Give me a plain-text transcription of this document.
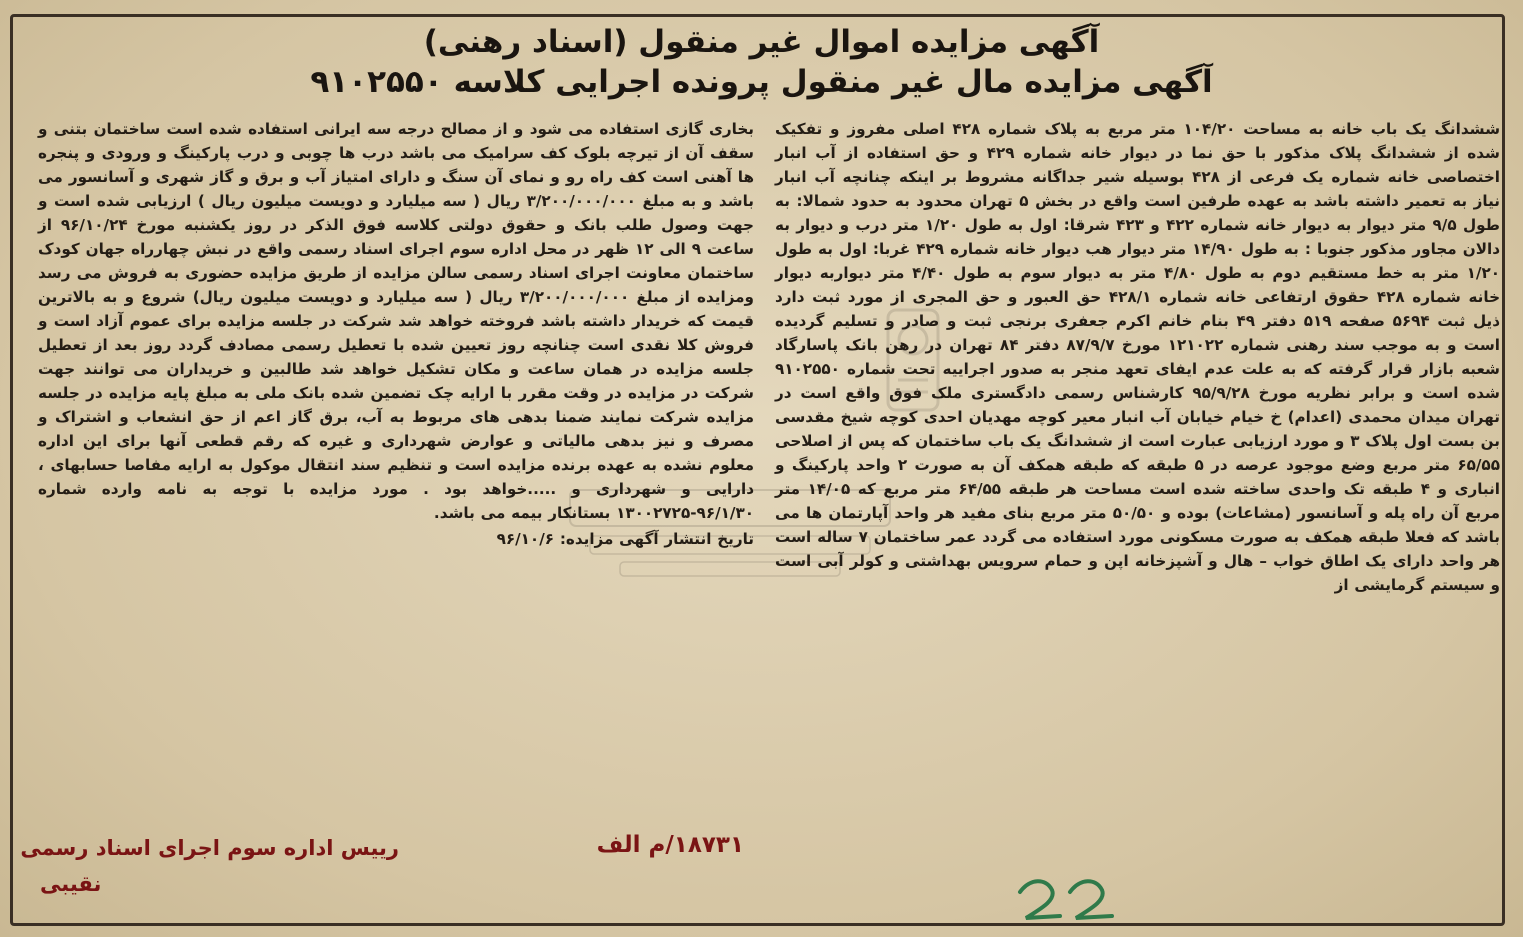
آگهی مزایده اموال غیر منقول (اسناد رهنی)
آگهی مزایده مال غیر منقول پرونده اجرایی کلاسه ۹۱۰۲۵۵۰

ششدانگ یک باب خانه به مساحت ۱۰۴/۲۰ متر مربع به پلاک شماره ۴۲۸ اصلی مفروز و تفکیک شده از ششدانگ پلاک مذکور با حق نما در دیوار خانه شماره ۴۲۹ و حق استفاده از آب انبار اختصاصی خانه شماره یک فرعی از ۴۲۸ بوسیله شیر جداگانه مشروط بر اینکه چنانچه آب انبار نیاز به تعمیر داشته باشد به عهده طرفین است واقع در بخش ۵ تهران محدود به حدود شمالا: به طول ۹/۵ متر دیوار به دیوار خانه شماره ۴۲۲ و ۴۲۳ شرقا: اول به طول ۱/۲۰ متر درب و دیوار به دالان مجاور مذکور جنوبا : به طول ۱۴/۹۰ متر دیوار هب دیوار خانه شماره ۴۲۹ غربا: اول به طول ۱/۲۰ متر به خط مستقیم دوم به طول ۴/۸۰ متر به دیوار سوم به طول ۴/۴۰ متر دیواربه دیوار خانه شماره ۴۲۸ حقوق ارتفاعی خانه شماره ۴۲۸/۱ حق العبور و حق المجری از مورد ثبت دارد ذیل ثبت ۵۶۹۴ صفحه ۵۱۹ دفتر ۴۹ بنام خانم اکرم جعفری برنجی ثبت و صادر و تسلیم گردیده است و به موجب سند رهنی شماره ۱۲۱۰۲۲ مورخ ۸۷/۹/۷ دفتر ۸۴ تهران در رهن بانک پاسارگاد شعبه بازار قرار گرفته که به علت عدم ایفای تعهد منجر به صدور اجراییه تحت شماره ۹۱۰۲۵۵۰ شده است و برابر نظریه مورخ ۹۵/۹/۲۸ کارشناس رسمی دادگستری ملک فوق واقع است در تهران میدان محمدی (اعدام) خ خیام خیابان آب انبار معیر کوچه مهدیان احدی کوچه شیخ مقدسی بن بست اول پلاک ۳ و مورد ارزیابی عبارت است از ششدانگ یک باب ساختمان که پس از اصلاحی ۶۵/۵۵ متر مربع وضع موجود عرصه در ۵ طبقه که طبقه همکف آن به صورت ۲ واحد پارکینگ و انباری و ۴ طبقه تک واحدی ساخته شده است مساحت هر طبقه ۶۴/۵۵ متر مربع که ۱۴/۰۵ متر مربع آن راه پله و آسانسور (مشاعات) بوده و ۵۰/۵۰ متر مربع بنای مفید هر واحد آپارتمان ها می باشد که فعلا طبقه همکف به صورت مسکونی مورد استفاده می گردد عمر ساختمان ۷ ساله است هر واحد دارای یک اطاق خواب – هال و آشپزخانه اپن و حمام سرویس بهداشتی و کولر آبی است و سیستم گرمایشی از

بخاری گازی استفاده می شود و از مصالح درجه سه ایرانی استفاده شده است ساختمان بتنی و سقف آن از تیرچه بلوک کف سرامیک می باشد درب ها چوبی و درب پارکینگ و ورودی و پنجره ها آهنی است کف راه رو و نمای آن سنگ و دارای امتیاز آب و برق و گاز شهری و آسانسور می باشد و به مبلغ ۳/۲۰۰/۰۰۰/۰۰۰ ریال ( سه میلیارد و دویست میلیون ریال ) ارزیابی شده است و جهت وصول طلب بانک و حقوق دولتی کلاسه فوق الذکر در روز یکشنبه مورخ ۹۶/۱۰/۲۴ از ساعت ۹ الی ۱۲ ظهر در محل اداره سوم اجرای اسناد رسمی واقع در نبش چهارراه جهان کودک ساختمان معاونت اجرای اسناد رسمی سالن مزایده از طریق مزایده حضوری به فروش می رسد ومزایده از مبلغ ۳/۲۰۰/۰۰۰/۰۰۰ ریال ( سه میلیارد و دویست میلیون ریال) شروع و به بالاترین قیمت که خریدار داشته باشد فروخته خواهد شد شرکت در جلسه مزایده برای عموم آزاد است و فروش کلا نقدی است چنانچه روز تعیین شده با تعطیل رسمی مصادف گردد روز بعد از تعطیل جلسه مزایده در همان ساعت و مکان تشکیل خواهد شد طالبین و خریداران می توانند جهت شرکت در مزایده در وقت مقرر با ارایه چک تضمین شده بانک ملی به مبلغ پایه مزایده در جلسه مزایده شرکت نمایند ضمنا بدهی های مربوط به آب، برق گاز اعم از حق انشعاب و اشتراک و مصرف و نیز بدهی مالیاتی و عوارض شهرداری و غیره که رقم قطعی آنها برای این اداره معلوم نشده به عهده برنده مزایده است و تنظیم سند انتقال موکول به ارایه مفاصا حسابهای ، دارایی و شهرداری و .....خواهد بود . مورد مزایده با توجه به نامه وارده شماره ۹۶/۱/۳۰-۱۳۰۰۲۷۲۵ بستانکار بیمه می باشد.

تاریخ انتشار آگهی مزایده: ۹۶/۱۰/۶

۱۸۷۳۱/م الف
رییس اداره سوم اجرای اسناد رسمی
نقیبی
